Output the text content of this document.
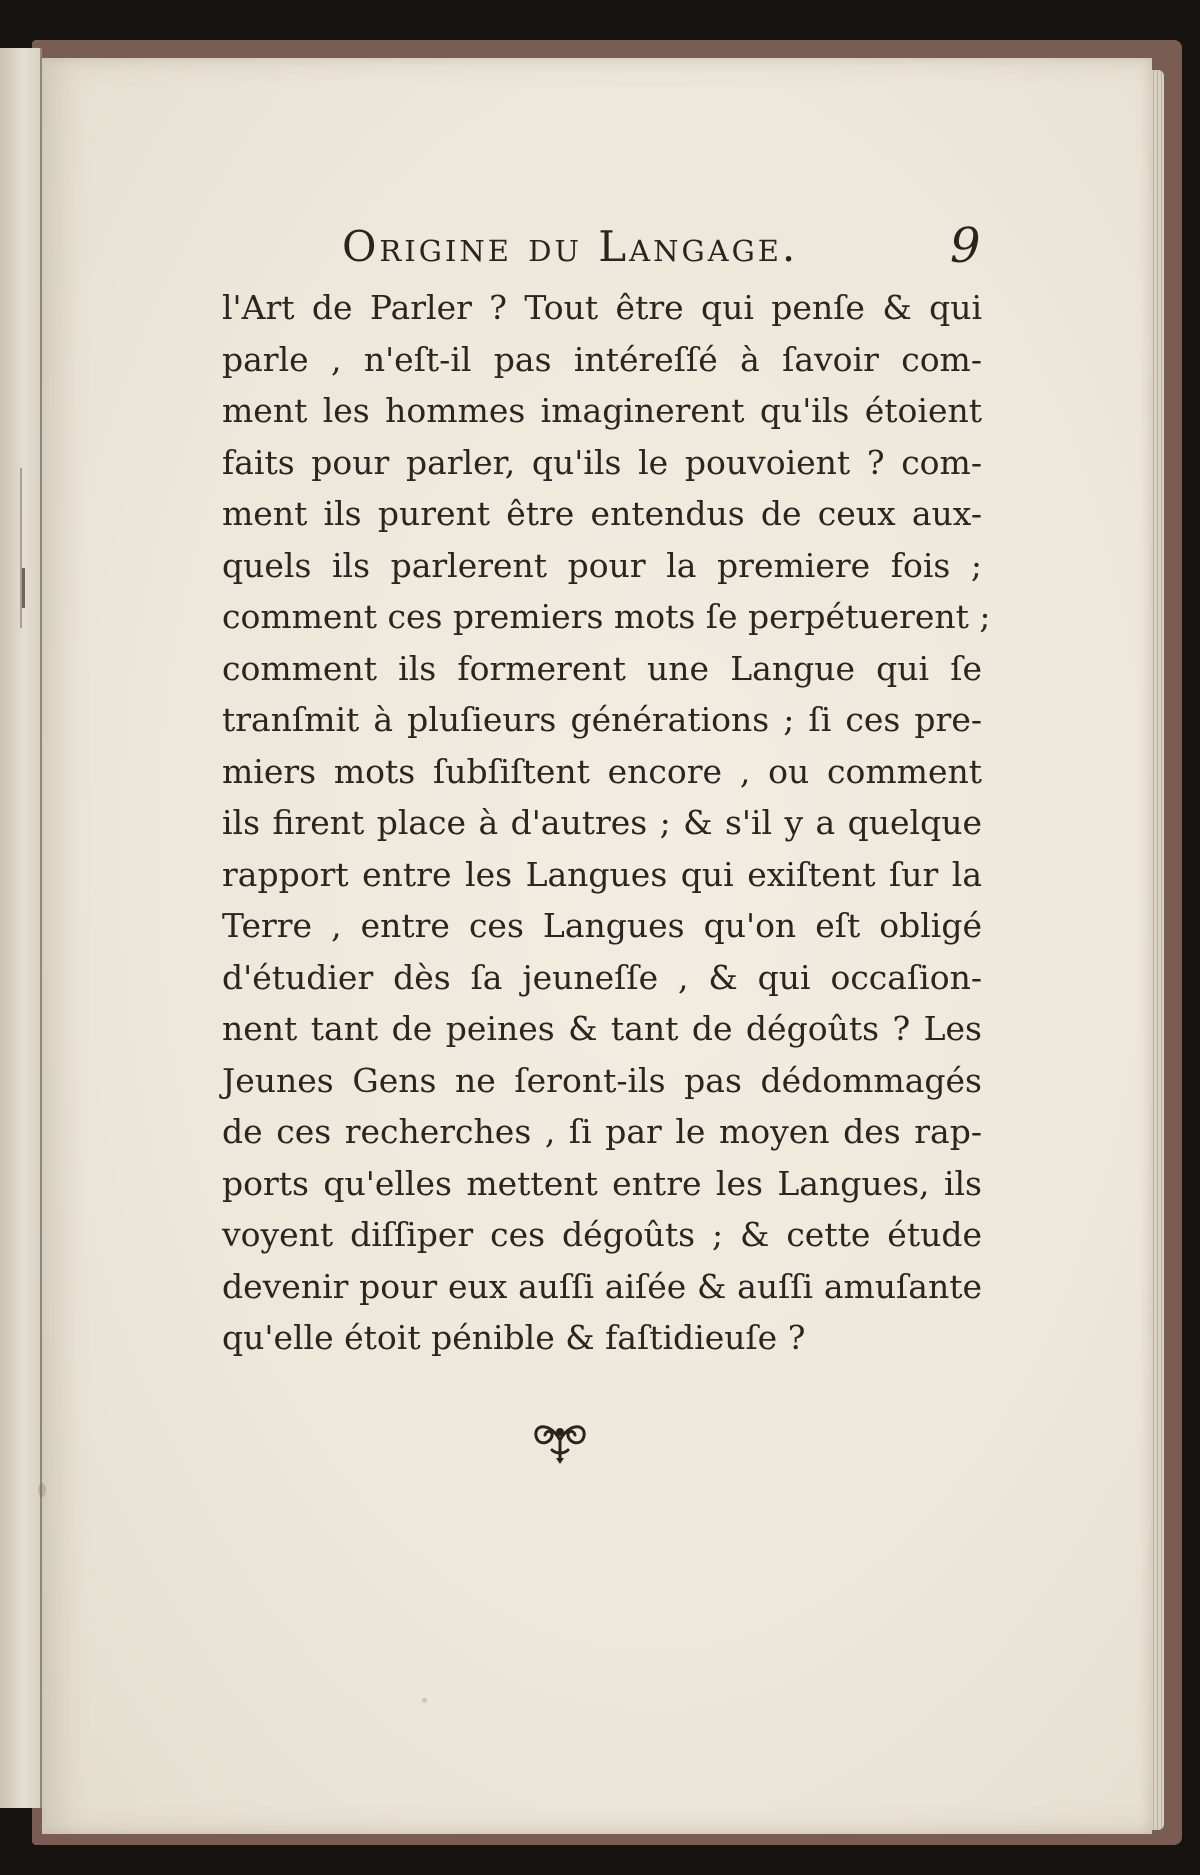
Origine du Langage.	9
l'Art de Parler ? Tout être qui penſe & qui
parle , n'eſt-il pas intéreſſé à ſavoir com-
ment les hommes imaginerent qu'ils étoient
faits pour parler, qu'ils le pouvoient ? com-
ment ils purent être entendus de ceux aux-
quels ils parlerent pour la premiere fois ;
comment ces premiers mots ſe perpétuerent ;
comment ils formerent une Langue qui ſe
tranſmit à pluſieurs générations ; ſi ces pre-
miers mots ſubſiſtent encore , ou comment
ils firent place à d'autres ; & s'il y a quelque
rapport entre les Langues qui exiſtent ſur la
Terre , entre ces Langues qu'on eſt obligé
d'étudier dès ſa jeuneſſe , & qui occaſion-
nent tant de peines & tant de dégoûts ? Les
Jeunes Gens ne ſeront-ils pas dédommagés
de ces recherches , ſi par le moyen des rap-
ports qu'elles mettent entre les Langues, ils
voyent diſſiper ces dégoûts ; & cette étude
devenir pour eux auſſi aiſée & auſſi amuſante
qu'elle étoit pénible & faſtidieuſe ?
